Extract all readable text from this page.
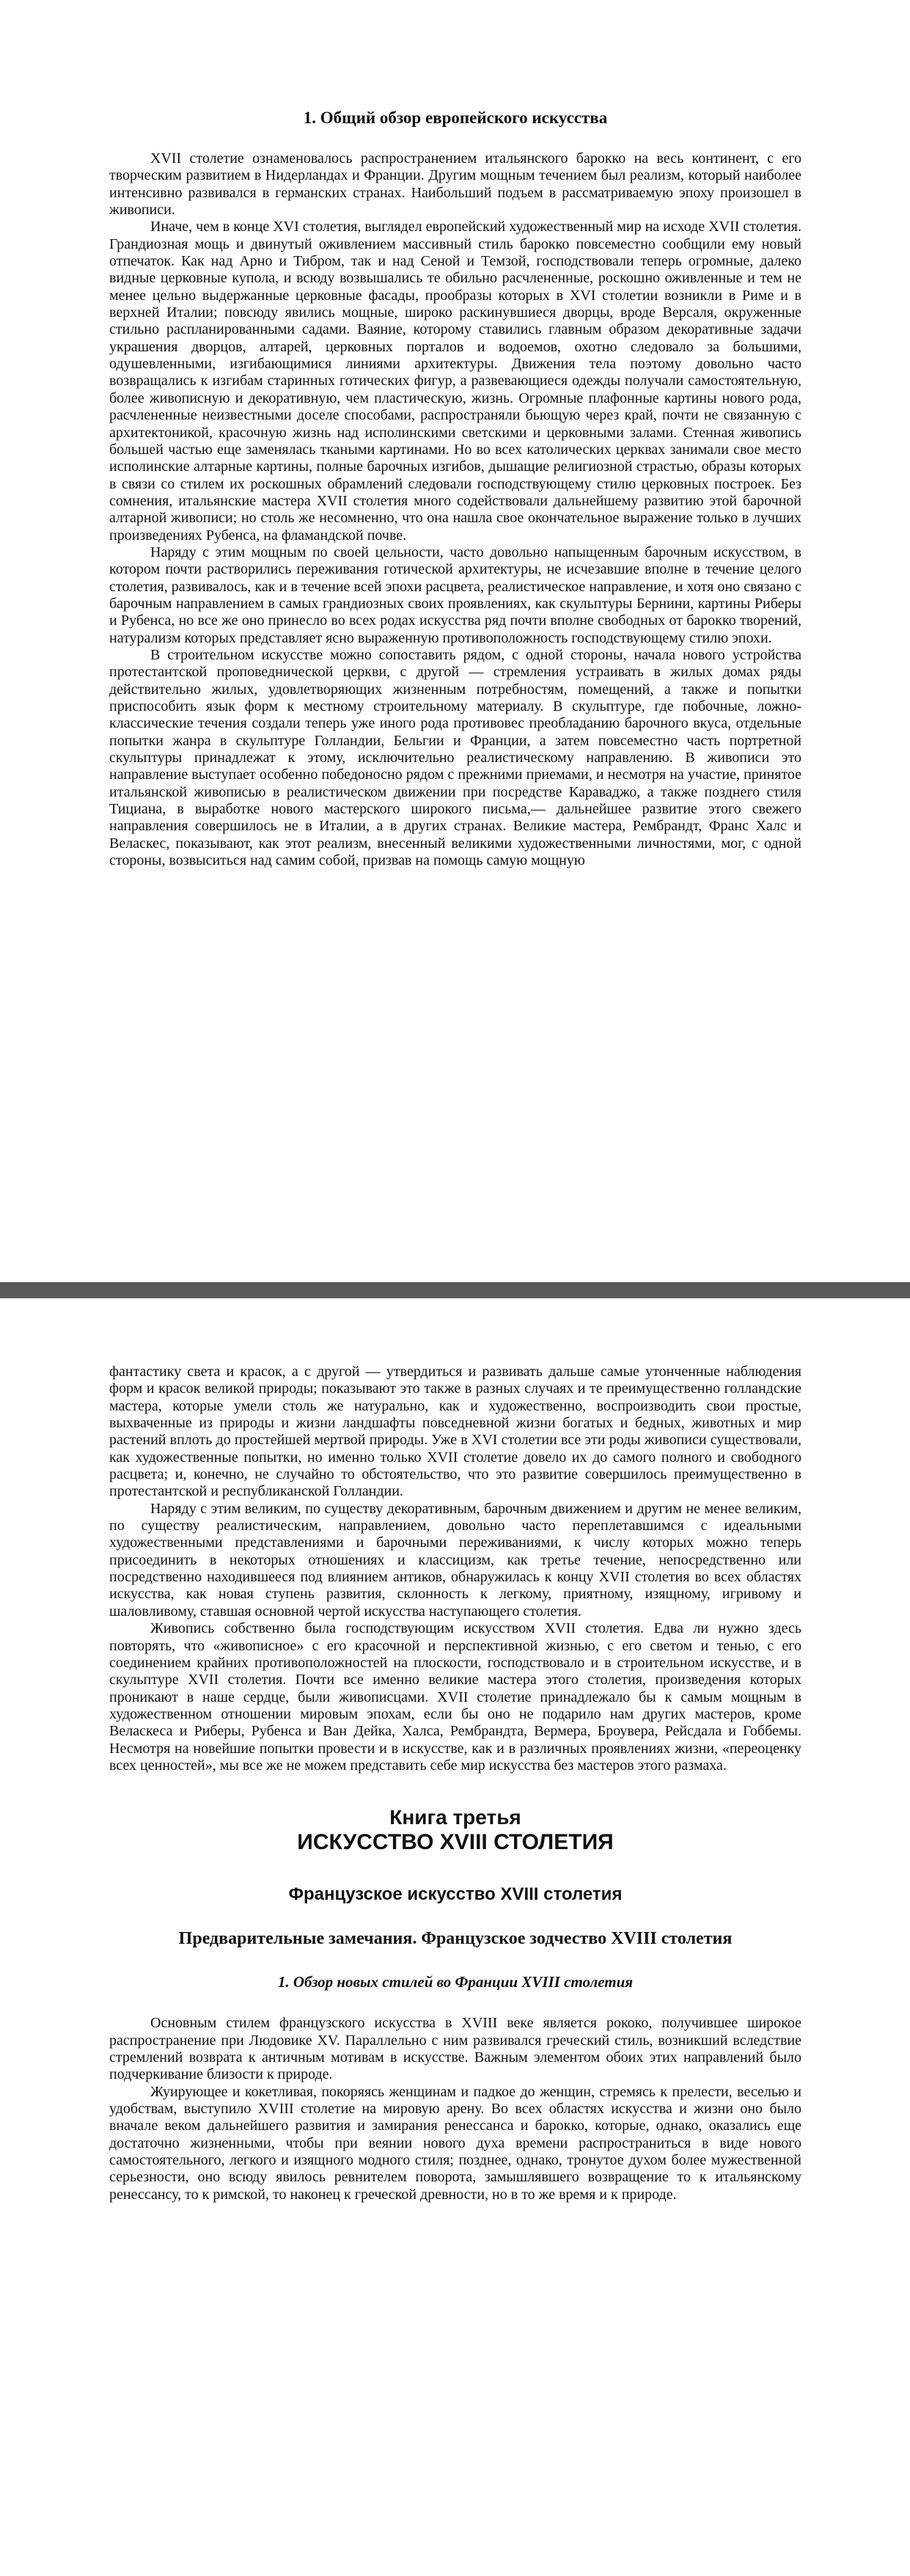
1. Общий обзор европейского искусства

XVII столетие ознаменовалось распространением итальянского барокко на весь континент, с его творческим развитием в Нидерландах и Франции. Другим мощным течением был реализм, который наиболее интенсивно развивался в германских странах. Наибольший подъем в рассматриваемую эпоху произошел в живописи.

Иначе, чем в конце XVI столетия, выглядел европейский художественный мир на исходе XVII столетия. Грандиозная мощь и двинутый оживлением массивный стиль барокко повсеместно сообщили ему новый отпечаток. Как над Арно и Тибром, так и над Сеной и Темзой, господствовали теперь огромные, далеко видные церковные купола, и всюду возвышались те обильно расчлененные, роскошно оживленные и тем не менее цельно выдержанные церковные фасады, прообразы которых в XVI столетии возникли в Риме и в верхней Италии; повсюду явились мощные, широко раскинувшиеся дворцы, вроде Версаля, окруженные стильно распланированными садами. Ваяние, которому ставились главным образом декоративные задачи украшения дворцов, алтарей, церковных порталов и водоемов, охотно следовало за большими, одушевленными, изгибающимися линиями архитектуры. Движения тела поэтому довольно часто возвращались к изгибам старинных готических фигур, а развевающиеся одежды получали самостоятельную, более живописную и декоративную, чем пластическую, жизнь. Огромные плафонные картины нового рода, расчлененные неизвестными доселе способами, распространяли бьющую через край, почти не связанную с архитектоникой, красочную жизнь над исполинскими светскими и церковными залами. Стенная живопись большей частью еще заменялась ткаными картинами. Но во всех католических церквах занимали свое место исполинские алтарные картины, полные барочных изгибов, дышащие религиозной страстью, образы которых в связи со стилем их роскошных обрамлений следовали господствующему стилю церковных построек. Без сомнения, итальянские мастера XVII столетия много содействовали дальнейшему развитию этой барочной алтарной живописи; но столь же несомненно, что она нашла свое окончательное выражение только в лучших произведениях Рубенса, на фламандской почве.

Наряду с этим мощным по своей цельности, часто довольно напыщенным барочным искусством, в котором почти растворились переживания готической архитектуры, не исчезавшие вполне в течение целого столетия, развивалось, как и в течение всей эпохи расцвета, реалистическое направление, и хотя оно связано с барочным направлением в самых грандиозных своих проявлениях, как скульптуры Бернини, картины Риберы и Рубенса, но все же оно принесло во всех родах искусства ряд почти вполне свободных от барокко творений, натурализм которых представляет ясно выраженную противоположность господствующему стилю эпохи.

В строительном искусстве можно сопоставить рядом, с одной стороны, начала нового устройства протестантской проповеднической церкви, с другой — стремления устраивать в жилых домах ряды действительно жилых, удовлетворяющих жизненным потребностям, помещений, а также и попытки приспособить язык форм к местному строительному материалу. В скульптуре, где побочные, ложно-классические течения создали теперь уже иного рода противовес преобладанию барочного вкуса, отдельные попытки жанра в скульптуре Голландии, Бельгии и Франции, а затем повсеместно часть портретной скульптуры принадлежат к этому, исключительно реалистическому направлению. В живописи это направление выступает особенно победоносно рядом с прежними приемами, и несмотря на участие, принятое итальянской живописью в реалистическом движении при посредстве Караваджо, а также позднего стиля Тициана, в выработке нового мастерского широкого письма,— дальнейшее развитие этого свежего направления совершилось не в Италии, а в других странах. Великие мастера, Рембрандт, Франс Халс и Веласкес, показывают, как этот реализм, внесенный великими художественными личностями, мог, с одной стороны, возвыситься над самим собой, призвав на помощь самую мощную

фантастику света и красок, а с другой — утвердиться и развивать дальше самые утонченные наблюдения форм и красок великой природы; показывают это также в разных случаях и те преимущественно голландские мастера, которые умели столь же натурально, как и художественно, воспроизводить свои простые, выхваченные из природы и жизни ландшафты повседневной жизни богатых и бедных, животных и мир растений вплоть до простейшей мертвой природы. Уже в XVI столетии все эти роды живописи существовали, как художественные попытки, но именно только XVII столетие довело их до самого полного и свободного расцвета; и, конечно, не случайно то обстоятельство, что это развитие совершилось преимущественно в протестантской и республиканской Голландии.

Наряду с этим великим, по существу декоративным, барочным движением и другим не менее великим, по существу реалистическим, направлением, довольно часто переплетавшимся с идеальными художественными представлениями и барочными переживаниями, к числу которых можно теперь присоединить в некоторых отношениях и классицизм, как третье течение, непосредственно или посредственно находившееся под влиянием антиков, обнаружилась к концу XVII столетия во всех областях искусства, как новая ступень развития, склонность к легкому, приятному, изящному, игривому и шаловливому, ставшая основной чертой искусства наступающего столетия.

Живопись собственно была господствующим искусством XVII столетия. Едва ли нужно здесь повторять, что «живописное» с его красочной и перспективной жизнью, с его светом и тенью, с его соединением крайних противоположностей на плоскости, господствовало и в строительном искусстве, и в скульптуре XVII столетия. Почти все именно великие мастера этого столетия, произведения которых проникают в наше сердце, были живописцами. XVII столетие принадлежало бы к самым мощным в художественном отношении мировым эпохам, если бы оно не подарило нам других мастеров, кроме Веласкеса и Риберы, Рубенса и Ван Дейка, Халса, Рембрандта, Вермера, Броувера, Рейсдала и Гоббемы. Несмотря на новейшие попытки провести и в искусстве, как и в различных проявлениях жизни, «переоценку всех ценностей», мы все же не можем представить себе мир искусства без мастеров этого размаха.

Книга третья
ИСКУССТВО XVIII СТОЛЕТИЯ
Французское искусство XVIII столетия
Предварительные замечания. Французское зодчество XVIII столетия
1. Обзор новых стилей во Франции XVIII столетия

Основным стилем французского искусства в XVIII веке является рококо, получившее широкое распространение при Людовике XV. Параллельно с ним развивался греческий стиль, возникший вследствие стремлений возврата к античным мотивам в искусстве. Важным элементом обоих этих направлений было подчеркивание близости к природе.

Жуирующее и кокетливая, покоряясь женщинам и падкое до женщин, стремясь к прелести, веселью и удобствам, выступило XVIII столетие на мировую арену. Во всех областях искусства и жизни оно было вначале веком дальнейшего развития и замирания ренессанса и барокко, которые, однако, оказались еще достаточно жизненными, чтобы при веянии нового духа времени распространиться в виде нового самостоятельного, легкого и изящного модного стиля; позднее, однако, тронутое духом более мужественной серьезности, оно всюду явилось ревнителем поворота, замышлявшего возвращение то к итальянскому ренессансу, то к римской, то наконец к греческой древности, но в то же время и к природе.
